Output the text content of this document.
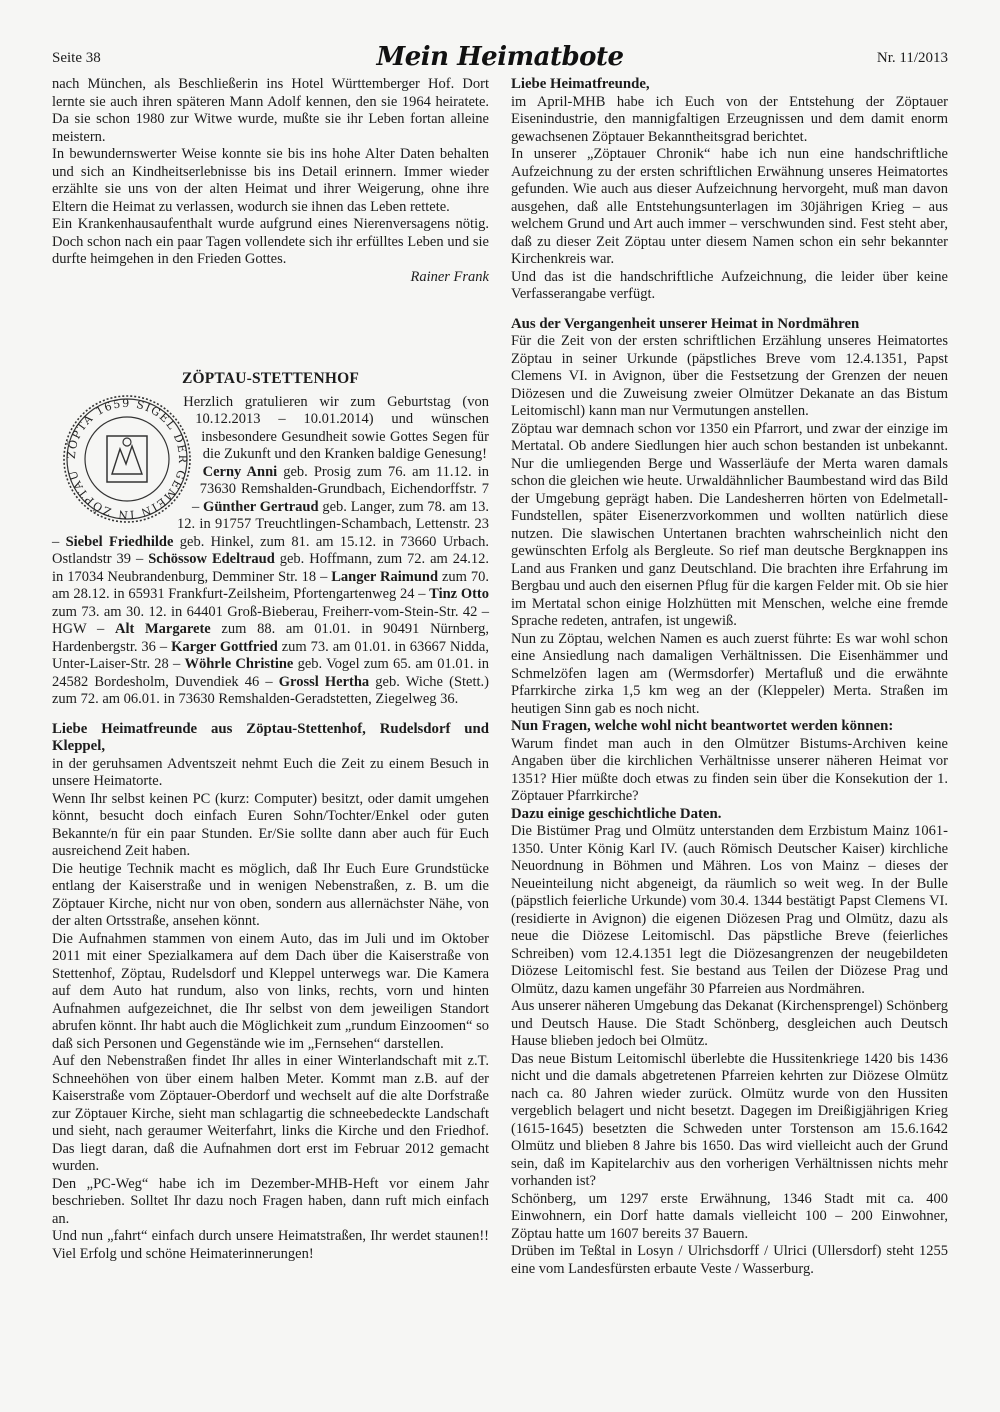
Seite 38	Mein Heimatbote	Nr. 11/2013

nach München, als Beschließerin ins Hotel Württemberger Hof. Dort lernte sie auch ihren späteren Mann Adolf kennen, den sie 1964 heiratete. Da sie schon 1980 zur Witwe wurde, mußte sie ihr Leben fortan alleine meistern.

In bewundernswerter Weise konnte sie bis ins hohe Alter Daten behalten und sich an Kindheitserlebnisse bis ins Detail erinnern. Immer wieder erzählte sie uns von der alten Heimat und ihrer Weigerung, ohne ihre Eltern die Heimat zu verlassen, wodurch sie ihnen das Leben rettete.

Ein Krankenhausaufenthalt wurde aufgrund eines Nierenversagens nötig. Doch schon nach ein paar Tagen vollendete sich ihr erfülltes Leben und sie durfte heimgehen in den Frieden Gottes.

Rainer Frank

ZÖPTAU-STETTENHOF
ZÖPTA 1659 SIGEL DER GEMEIN IN ZÖPTAU

Herzlich gratulieren wir zum Geburtstag (von 10.12.2013 – 10.01.2014) und wünschen insbesondere Gesundheit sowie Gottes Segen für die Zukunft und den Kranken baldige Genesung!

Cerny Anni geb. Prosig zum 76. am 11.12. in 73630 Remshalden-Grundbach, Eichendorffstr. 7 – Günther Gertraud geb. Langer, zum 78. am 13. 12. in 91757 Treuchtlingen-Schambach, Lettenstr. 23 – Siebel Friedhilde geb. Hinkel, zum 81. am 15.12. in 73660 Urbach. Ostlandstr 39 – Schössow Edeltraud geb. Hoffmann, zum 72. am 24.12. in 17034 Neubrandenburg, Demminer Str. 18 – Langer Raimund zum 70. am 28.12. in 65931 Frankfurt-Zeilsheim, Pfortengartenweg 24 – Tinz Otto zum 73. am 30. 12. in 64401 Groß-Bieberau, Freiherr-vom-Stein-Str. 42 – HGW – Alt Margarete zum 88. am 01.01. in 90491 Nürnberg, Hardenbergstr. 36 – Karger Gottfried zum 73. am 01.01. in 63667 Nidda, Unter-Laiser-Str. 28 – Wöhrle Christine geb. Vogel zum 65. am 01.01. in 24582 Bordesholm, Duvendiek 46 – Grossl Hertha geb. Wiche (Stett.) zum 72. am 06.01. in 73630 Remshalden-Geradstetten, Ziegelweg 36.

Liebe Heimatfreunde aus Zöptau-Stettenhof, Rudelsdorf und Kleppel,

in der geruhsamen Adventszeit nehmt Euch die Zeit zu einem Besuch in unsere Heimatorte.

Wenn Ihr selbst keinen PC (kurz: Computer) besitzt, oder damit umgehen könnt, besucht doch einfach Euren Sohn/Tochter/Enkel oder guten Bekannte/n für ein paar Stunden. Er/Sie sollte dann aber auch für Euch ausreichend Zeit haben.

Die heutige Technik macht es möglich, daß Ihr Euch Eure Grundstücke entlang der Kaiserstraße und in wenigen Nebenstraßen, z. B. um die Zöptauer Kirche, nicht nur von oben, sondern aus allernächster Nähe, von der alten Ortsstraße, ansehen könnt.

Die Aufnahmen stammen von einem Auto, das im Juli und im Oktober 2011 mit einer Spezialkamera auf dem Dach über die Kaiserstraße von Stettenhof, Zöptau, Rudelsdorf und Kleppel unterwegs war. Die Kamera auf dem Auto hat rundum, also von links, rechts, vorn und hinten Aufnahmen aufgezeichnet, die Ihr selbst von dem jeweiligen Standort abrufen könnt. Ihr habt auch die Möglichkeit zum „rundum Einzoomen“ so daß sich Personen und Gegenstände wie im „Fernsehen“ darstellen.

Auf den Nebenstraßen findet Ihr alles in einer Winterlandschaft mit z.T. Schneehöhen von über einem halben Meter. Kommt man z.B. auf der Kaiserstraße vom Zöptauer-Oberdorf und wechselt auf die alte Dorfstraße zur Zöptauer Kirche, sieht man schlagartig die schneebedeckte Landschaft und sieht, nach geraumer Weiterfahrt, links die Kirche und den Friedhof. Das liegt daran, daß die Aufnahmen dort erst im Februar 2012 gemacht wurden.

Den „PC-Weg“ habe ich im Dezember-MHB-Heft vor einem Jahr beschrieben. Solltet Ihr dazu noch Fragen haben, dann ruft mich einfach an.

Und nun „fahrt“ einfach durch unsere Heimatstraßen, Ihr werdet staunen!! Viel Erfolg und schöne Heimaterinnerungen!

Liebe Heimatfreunde,

im April-MHB habe ich Euch von der Entstehung der Zöptauer Eisenindustrie, den mannigfaltigen Erzeugnissen und dem damit enorm gewachsenen Zöptauer Bekanntheitsgrad berichtet.

In unserer „Zöptauer Chronik“ habe ich nun eine handschriftliche Aufzeichnung zu der ersten schriftlichen Erwähnung unseres Heimatortes gefunden. Wie auch aus dieser Aufzeichnung hervorgeht, muß man davon ausgehen, daß alle Entstehungsunterlagen im 30jährigen Krieg – aus welchem Grund und Art auch immer – verschwunden sind. Fest steht aber, daß zu dieser Zeit Zöptau unter diesem Namen schon ein sehr bekannter Kirchenkreis war.

Und das ist die handschriftliche Aufzeichnung, die leider über keine Verfasserangabe verfügt.

Aus der Vergangenheit unserer Heimat in Nordmähren

Für die Zeit von der ersten schriftlichen Erzählung unseres Heimatortes Zöptau in seiner Urkunde (päpstliches Breve vom 12.4.1351, Papst Clemens VI. in Avignon, über die Festsetzung der Grenzen der neuen Diözesen und die Zuweisung zweier Olmützer Dekanate an das Bistum Leitomischl) kann man nur Vermutungen anstellen.

Zöptau war demnach schon vor 1350 ein Pfarrort, und zwar der einzige im Mertatal. Ob andere Siedlungen hier auch schon bestanden ist unbekannt. Nur die umliegenden Berge und Wasserläufe der Merta waren damals schon die gleichen wie heute. Urwaldähnlicher Baumbestand wird das Bild der Umgebung geprägt haben. Die Landesherren hörten von Edelmetall-Fundstellen, später Eisenerzvorkommen und wollten natürlich diese nutzen. Die slawischen Untertanen brachten wahrscheinlich nicht den gewünschten Erfolg als Bergleute. So rief man deutsche Bergknappen ins Land aus Franken und ganz Deutschland. Die brachten ihre Erfahrung im Bergbau und auch den eisernen Pflug für die kargen Felder mit. Ob sie hier im Mertatal schon einige Holzhütten mit Menschen, welche eine fremde Sprache redeten, antrafen, ist ungewiß.

Nun zu Zöptau, welchen Namen es auch zuerst führte: Es war wohl schon eine Ansiedlung nach damaligen Verhältnissen. Die Eisenhämmer und Schmelzöfen lagen am (Wermsdorfer) Mertafluß und die erwähnte Pfarrkirche zirka 1,5 km weg an der (Kleppeler) Merta. Straßen im heutigen Sinn gab es noch nicht.

Nun Fragen, welche wohl nicht beantwortet werden können:

Warum findet man auch in den Olmützer Bistums-Archiven keine Angaben über die kirchlichen Verhältnisse unserer näheren Heimat vor 1351? Hier müßte doch etwas zu finden sein über die Konsekution der 1. Zöptauer Pfarrkirche?

Dazu einige geschichtliche Daten.

Die Bistümer Prag und Olmütz unterstanden dem Erzbistum Mainz 1061-1350. Unter König Karl IV. (auch Römisch Deutscher Kaiser) kirchliche Neuordnung in Böhmen und Mähren. Los von Mainz – dieses der Neueinteilung nicht abgeneigt, da räumlich so weit weg. In der Bulle (päpstlich feierliche Urkunde) vom 30.4. 1344 bestätigt Papst Clemens VI. (residierte in Avignon) die eigenen Diözesen Prag und Olmütz, dazu als neue die Diözese Leitomischl. Das päpstliche Breve (feierliches Schreiben) vom 12.4.1351 legt die Diözesangrenzen der neugebildeten Diözese Leitomischl fest. Sie bestand aus Teilen der Diözese Prag und Olmütz, dazu kamen ungefähr 30 Pfarreien aus Nordmähren.

Aus unserer näheren Umgebung das Dekanat (Kirchensprengel) Schönberg und Deutsch Hause. Die Stadt Schönberg, desgleichen auch Deutsch Hause blieben jedoch bei Olmütz.

Das neue Bistum Leitomischl überlebte die Hussitenkriege 1420 bis 1436 nicht und die damals abgetretenen Pfarreien kehrten zur Diözese Olmütz nach ca. 80 Jahren wieder zurück. Olmütz wurde von den Hussiten vergeblich belagert und nicht besetzt. Dagegen im Dreißigjährigen Krieg (1615-1645) besetzten die Schweden unter Torstenson am 15.6.1642 Olmütz und blieben 8 Jahre bis 1650. Das wird vielleicht auch der Grund sein, daß im Kapitelarchiv aus den vorherigen Verhältnissen nichts mehr vorhanden ist?

Schönberg, um 1297 erste Erwähnung, 1346 Stadt mit ca. 400 Einwohnern, ein Dorf hatte damals vielleicht 100 – 200 Einwohner, Zöptau hatte um 1607 bereits 37 Bauern.

Drüben im Teßtal in Losyn / Ulrichsdorff / Ulrici (Ullersdorf) steht 1255 eine vom Landesfürsten erbaute Veste / Wasserburg.
